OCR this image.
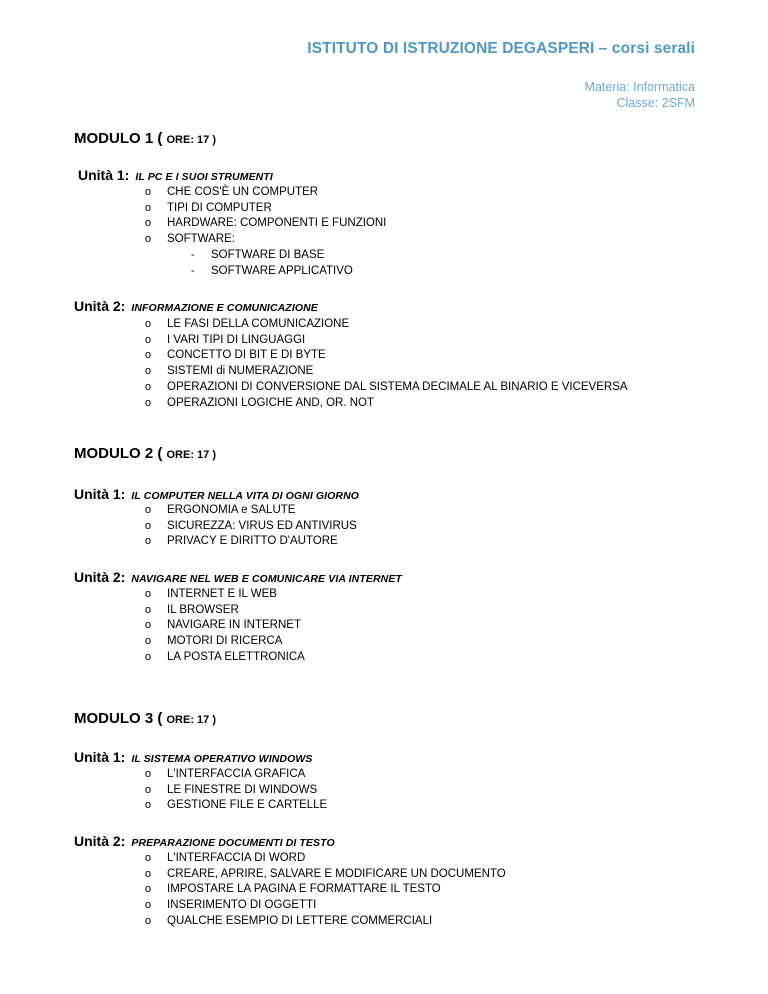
ISTITUTO DI ISTRUZIONE DEGASPERI – corsi serali
Materia: Informatica
Classe: 2SFM
MODULO 1 ( ORE: 17 )
Unità 1: IL PC E I SUOI STRUMENTI
o CHE COS'È UN COMPUTER
o TIPI DI COMPUTER
o HARDWARE: COMPONENTI E FUNZIONI
o SOFTWARE:
- SOFTWARE DI BASE
- SOFTWARE APPLICATIVO
Unità 2: INFORMAZIONE E COMUNICAZIONE
o LE FASI DELLA COMUNICAZIONE
o I VARI TIPI DI LINGUAGGI
o CONCETTO DI BIT E DI BYTE
o SISTEMI di NUMERAZIONE
o OPERAZIONI DI CONVERSIONE DAL SISTEMA DECIMALE AL BINARIO E VICEVERSA
o OPERAZIONI LOGICHE AND, OR. NOT
MODULO 2 ( ORE: 17 )
Unità 1: IL COMPUTER NELLA VITA DI OGNI GIORNO
o ERGONOMIA e SALUTE
o SICUREZZA: VIRUS ED ANTIVIRUS
o PRIVACY E DIRITTO D'AUTORE
Unità 2: NAVIGARE NEL WEB E COMUNICARE VIA INTERNET
o INTERNET E IL WEB
o IL BROWSER
o NAVIGARE IN INTERNET
o MOTORI DI RICERCA
o LA POSTA ELETTRONICA
MODULO 3 ( ORE: 17 )
Unità 1: IL SISTEMA OPERATIVO WINDOWS
o L'INTERFACCIA GRAFICA
o LE FINESTRE DI WINDOWS
o GESTIONE FILE E CARTELLE
Unità 2: PREPARAZIONE DOCUMENTI DI TESTO
o L'INTERFACCIA DI WORD
o CREARE, APRIRE, SALVARE E MODIFICARE UN DOCUMENTO
o IMPOSTARE LA PAGINA E FORMATTARE IL TESTO
o INSERIMENTO DI OGGETTI
o QUALCHE ESEMPIO DI LETTERE COMMERCIALI
